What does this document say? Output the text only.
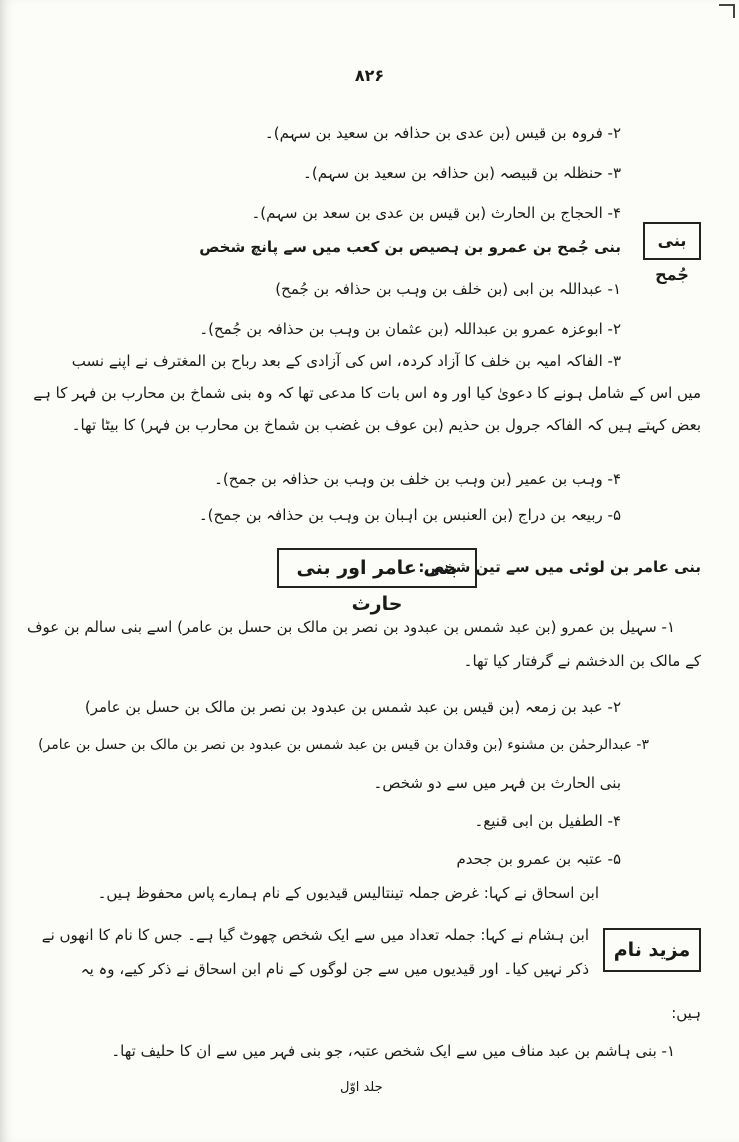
۸۲۶
۲- فروہ بن قیس (بن عدی بن حذافہ بن سعید بن سہم)۔
۳- حنظلہ بن قبیصہ (بن حذافہ بن سعید بن سہم)۔
۴- الحجاج بن الحارث (بن قیس بن عدی بن سعد بن سہم)۔
بنی جُمح
بنی جُمح بن عمرو بن ہصیص بن کعب میں سے پانچ شخص
۱- عبداللہ بن ابی (بن خلف بن وہب بن حذافہ بن جُمح)
۲- ابوعزہ عمرو بن عبداللہ (بن عثمان بن وہب بن حذافہ بن جُمح)۔
۳- الفاکہ امیہ بن خلف کا آزاد کردہ، اس کی آزادی کے بعد رباح بن المغترف نے اپنے نسب
میں اس کے شامل ہونے کا دعویٰ کیا اور وہ اس بات کا مدعی تھا کہ وہ بنی شماخ بن محارب بن فہر کا ہے
بعض کہتے ہیں کہ الفاکہ جرول بن حذیم (بن عوف بن غضب بن شماخ بن محارب بن فہر) کا بیٹا تھا۔
۴- وہب بن عمیر (بن وہب بن خلف بن وہب بن حذافہ بن جمح)۔
۵- ربیعہ بن دراج (بن العنبس بن اہبان بن وہب بن حذافہ بن جمح)۔
بنی عامر اور بنی حارث
بنی عامر بن لوئی میں سے تین شخص:
۱- سہیل بن عمرو (بن عبد شمس بن عبدود بن نصر بن مالک بن حسل بن عامر) اسے بنی سالم بن عوف
کے مالک بن الدخشم نے گرفتار کیا تھا۔
۲- عبد بن زمعہ (بن قیس بن عبد شمس بن عبدود بن نصر بن مالک بن حسل بن عامر)
۳- عبدالرحمٰن بن مشنوء (بن وقدان بن قیس بن عبد شمس بن عبدود بن نصر بن مالک بن حسل بن عامر)
بنی الحارث بن فہر میں سے دو شخص۔
۴- الطفیل بن ابی قنیع۔
۵- عتبہ بن عمرو بن جحدم
ابن اسحاق نے کہا: غرض جملہ تینتالیس قیدیوں کے نام ہمارے پاس محفوظ ہیں۔
مزید نام
ابن ہشام نے کہا: جملہ تعداد میں سے ایک شخص چھوٹ گیا ہے۔ جس کا نام کا انھوں نے
ذکر نہیں کیا۔ اور قیدیوں میں سے جن لوگوں کے نام ابن اسحاق نے ذکر کیے، وہ یہ
ہیں:
۱- بنی ہاشم بن عبد مناف میں سے ایک شخص عتبہ، جو بنی فہر میں سے ان کا حلیف تھا۔
جلد اوّل
